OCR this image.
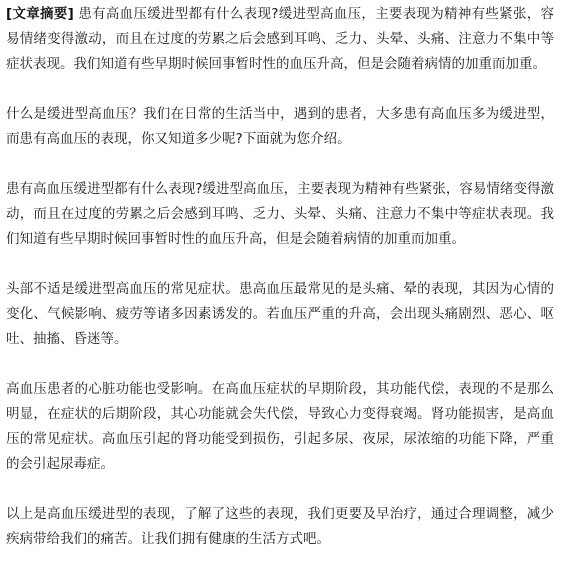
[文章摘要] 患有高血压缓进型都有什么表现?缓进型高血压，主要表现为精神有些紧张，容易情绪变得激动，而且在过度的劳累之后会感到耳鸣、乏力、头晕、头痛、注意力不集中等症状表现。我们知道有些早期时候回事暂时性的血压升高，但是会随着病情的加重而加重。

什么是缓进型高血压？我们在日常的生活当中，遇到的患者，大多患有高血压多为缓进型，而患有高血压的表现，你又知道多少呢?下面就为您介绍。

患有高血压缓进型都有什么表现?缓进型高血压，主要表现为精神有些紧张，容易情绪变得激动，而且在过度的劳累之后会感到耳鸣、乏力、头晕、头痛、注意力不集中等症状表现。我们知道有些早期时候回事暂时性的血压升高，但是会随着病情的加重而加重。

头部不适是缓进型高血压的常见症状。患高血压最常见的是头痛、晕的表现，其因为心情的变化、气候影响、疲劳等诸多因素诱发的。若血压严重的升高，会出现头痛剧烈、恶心、呕吐、抽搐、昏迷等。

高血压患者的心脏功能也受影响。在高血压症状的早期阶段，其功能代偿，表现的不是那么明显，在症状的后期阶段，其心功能就会失代偿，导致心力变得衰竭。肾功能损害，是高血压的常见症状。高血压引起的肾功能受到损伤，引起多尿、夜尿，尿浓缩的功能下降，严重的会引起尿毒症。

以上是高血压缓进型的表现，了解了这些的表现，我们更要及早治疗，通过合理调整，减少疾病带给我们的痛苦。让我们拥有健康的生活方式吧。
